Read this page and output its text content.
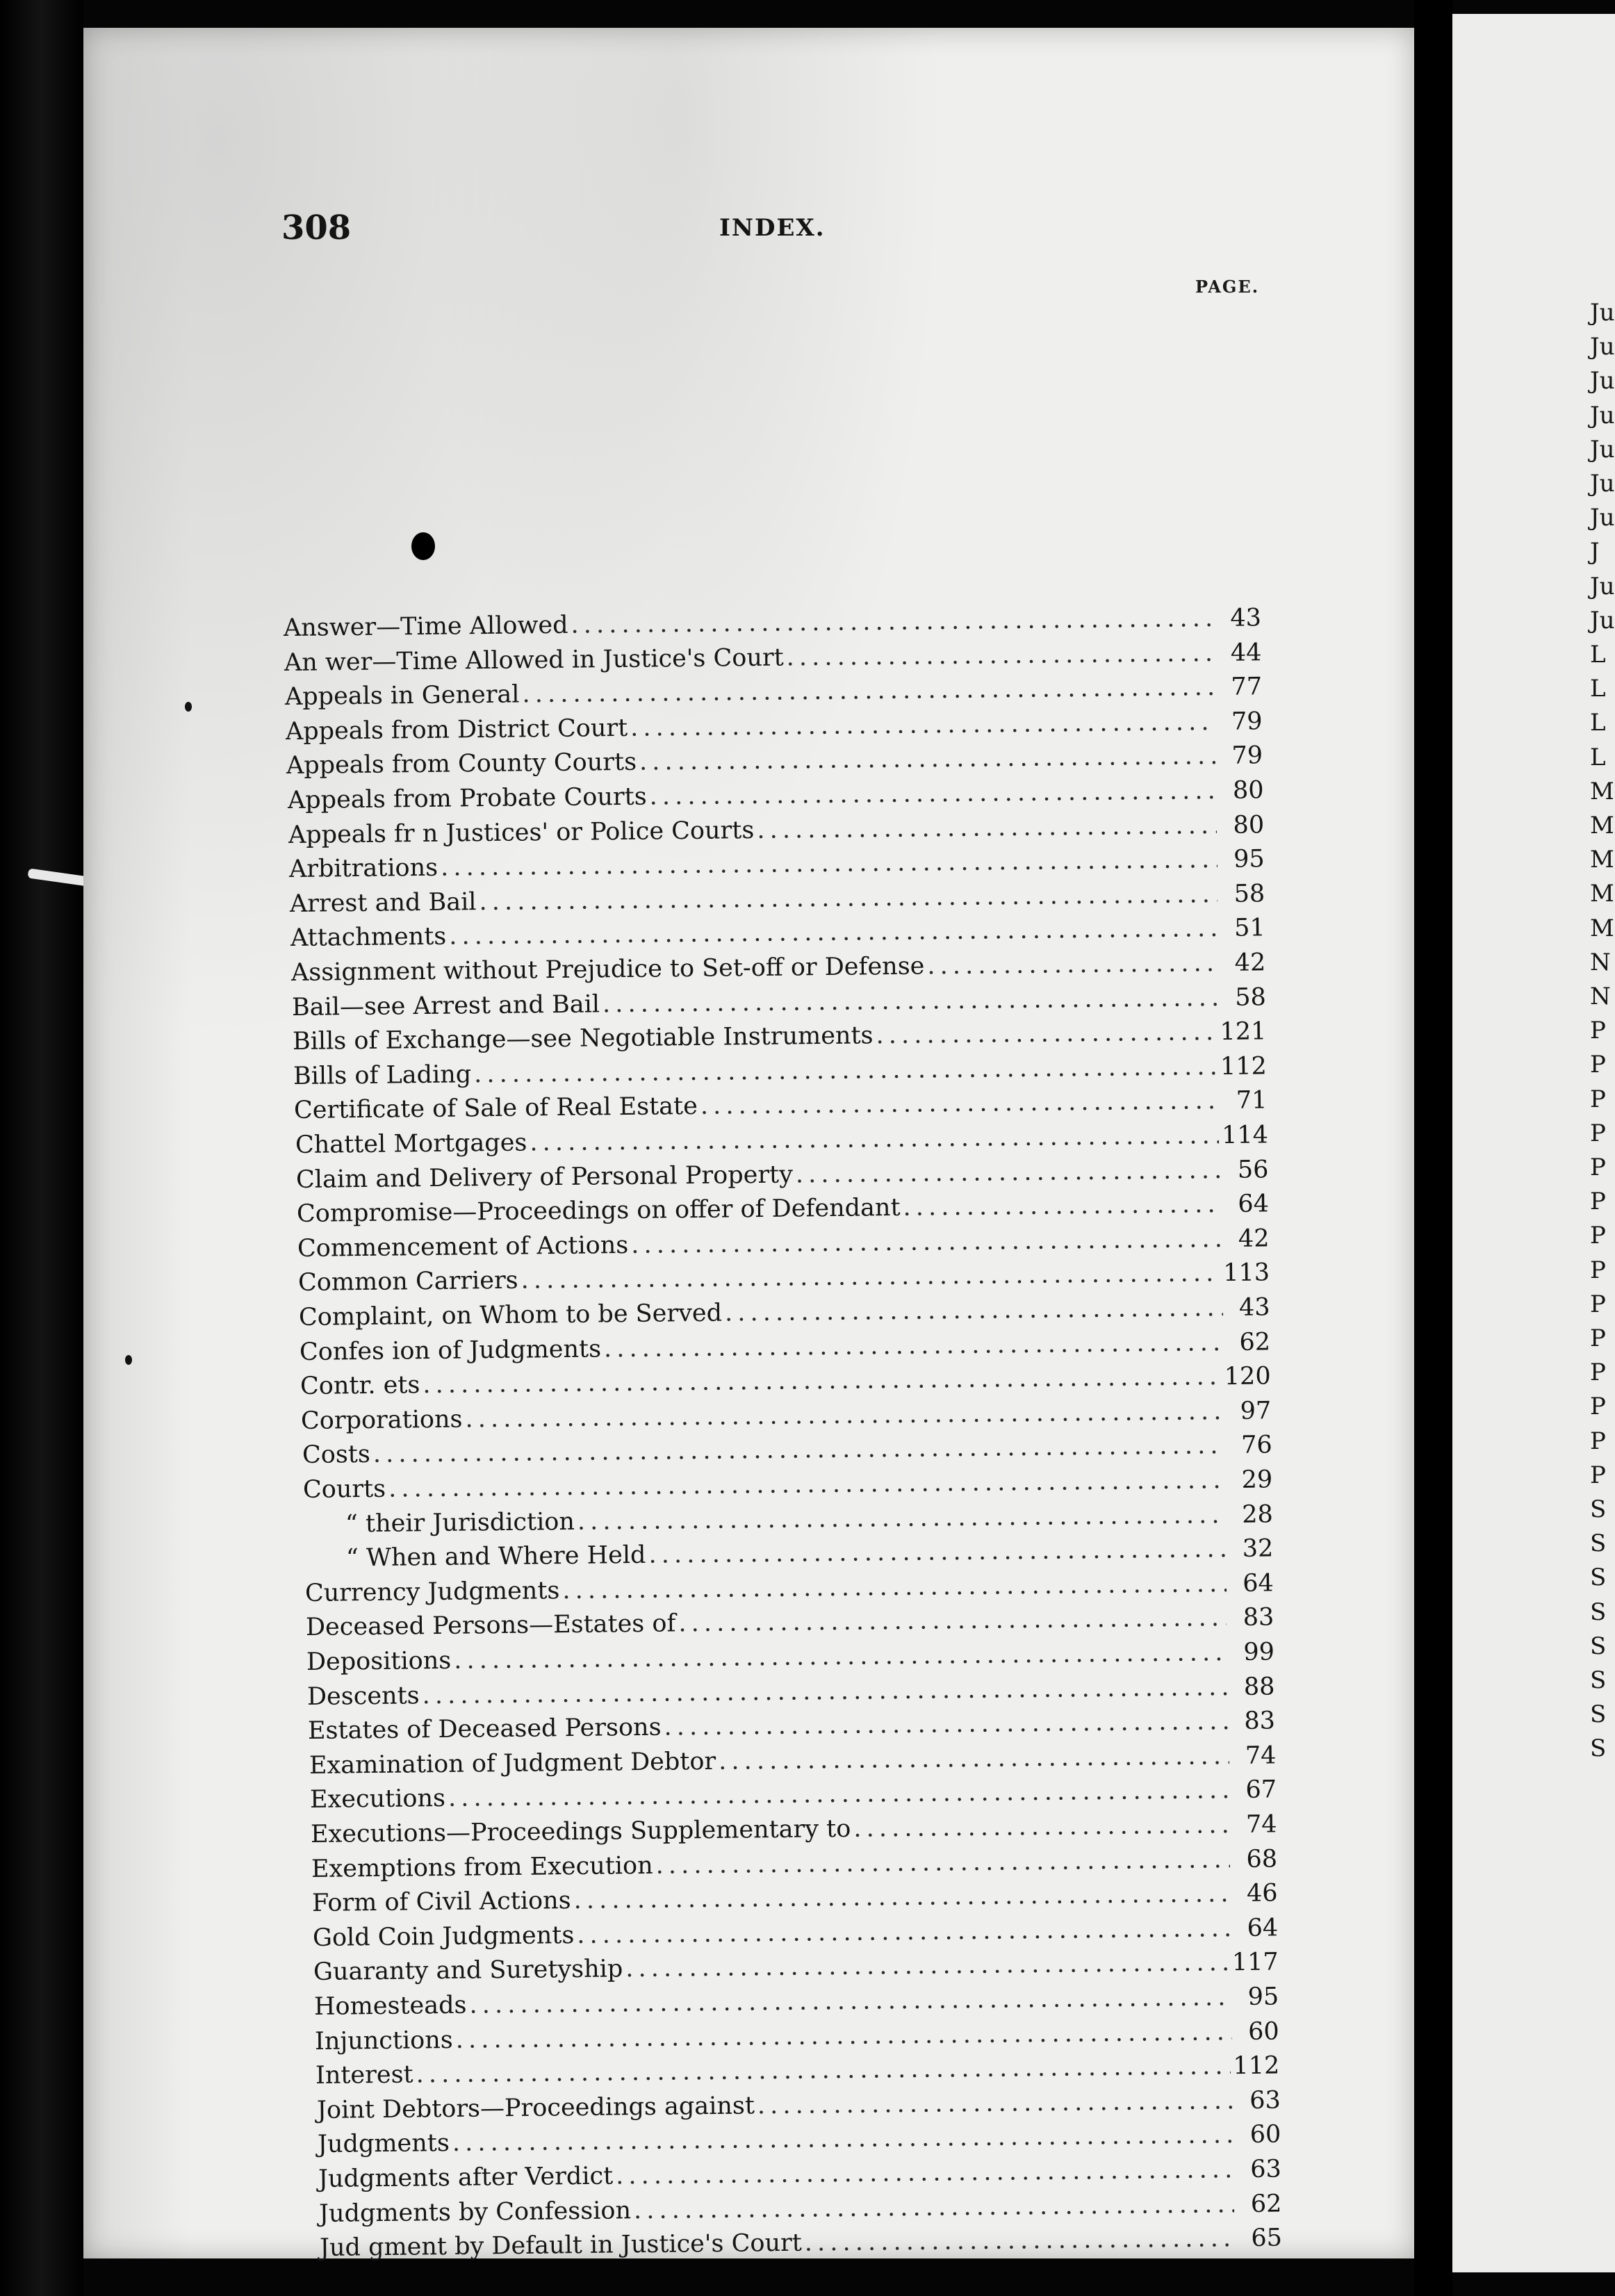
Ju
Ju
Ju
Ju
Ju
Ju
Ju
J
Ju
Ju
L
L
L
L
M
M
M
M
M
N
N
P
P
P
P
P
P
P
P
P
P
P
P
P
P
S
S
S
S
S
S
S
S
308	INDEX.
PAGE.
Answer—Time Allowed . . .	43
An wer—Time Allowed in Justice's Court . . .	44
Appeals in General . . .	77
Appeals from District Court . . .	79
Appeals from County Courts . . .	79
Appeals from Probate Courts . . .	80
Appeals fr n Justices' or Police Courts . . .	80
Arbitrations . . .	95
Arrest and Bail . . .	58
Attachments . . .	51
Assignment without Prejudice to Set-off or Defense . . .	42
Bail—see Arrest and Bail . . .	58
Bills of Exchange—see Negotiable Instruments . . .	121
Bills of Lading . . .	112
Certificate of Sale of Real Estate . . .	71
Chattel Mortgages . . .	114
Claim and Delivery of Personal Property . . .	56
Compromise—Proceedings on offer of Defendant . . .	64
Commencement of Actions . . .	42
Common Carriers . . .	113
Complaint, on Whom to be Served . . .	43
Confes ion of Judgments . . .	62
Contr. ets . . .	120
Corporations . . .	97
Costs . . .	76
Courts . . .	29
“ their Jurisdiction . . .	28
“ When and Where Held . . .	32
Currency Judgments . . .	64
Deceased Persons—Estates of . . .	83
Depositions . . .	99
Descents . . .	88
Estates of Deceased Persons . . .	83
Examination of Judgment Debtor . . .	74
Executions . . .	67
Executions—Proceedings Supplementary to . . .	74
Exemptions from Execution . . .	68
Form of Civil Actions . . .	46
Gold Coin Judgments . . .	64
Guaranty and Suretyship . . .	117
Homesteads . . .	95
Injunctions . . .	60
Interest . . .	112
Joint Debtors—Proceedings against . . .	63
Judgments . . .	60
Judgments after Verdict . . .	63
Judgments by Confession . . .	62
Jud gment by Default in Justice's Court . . .	65
